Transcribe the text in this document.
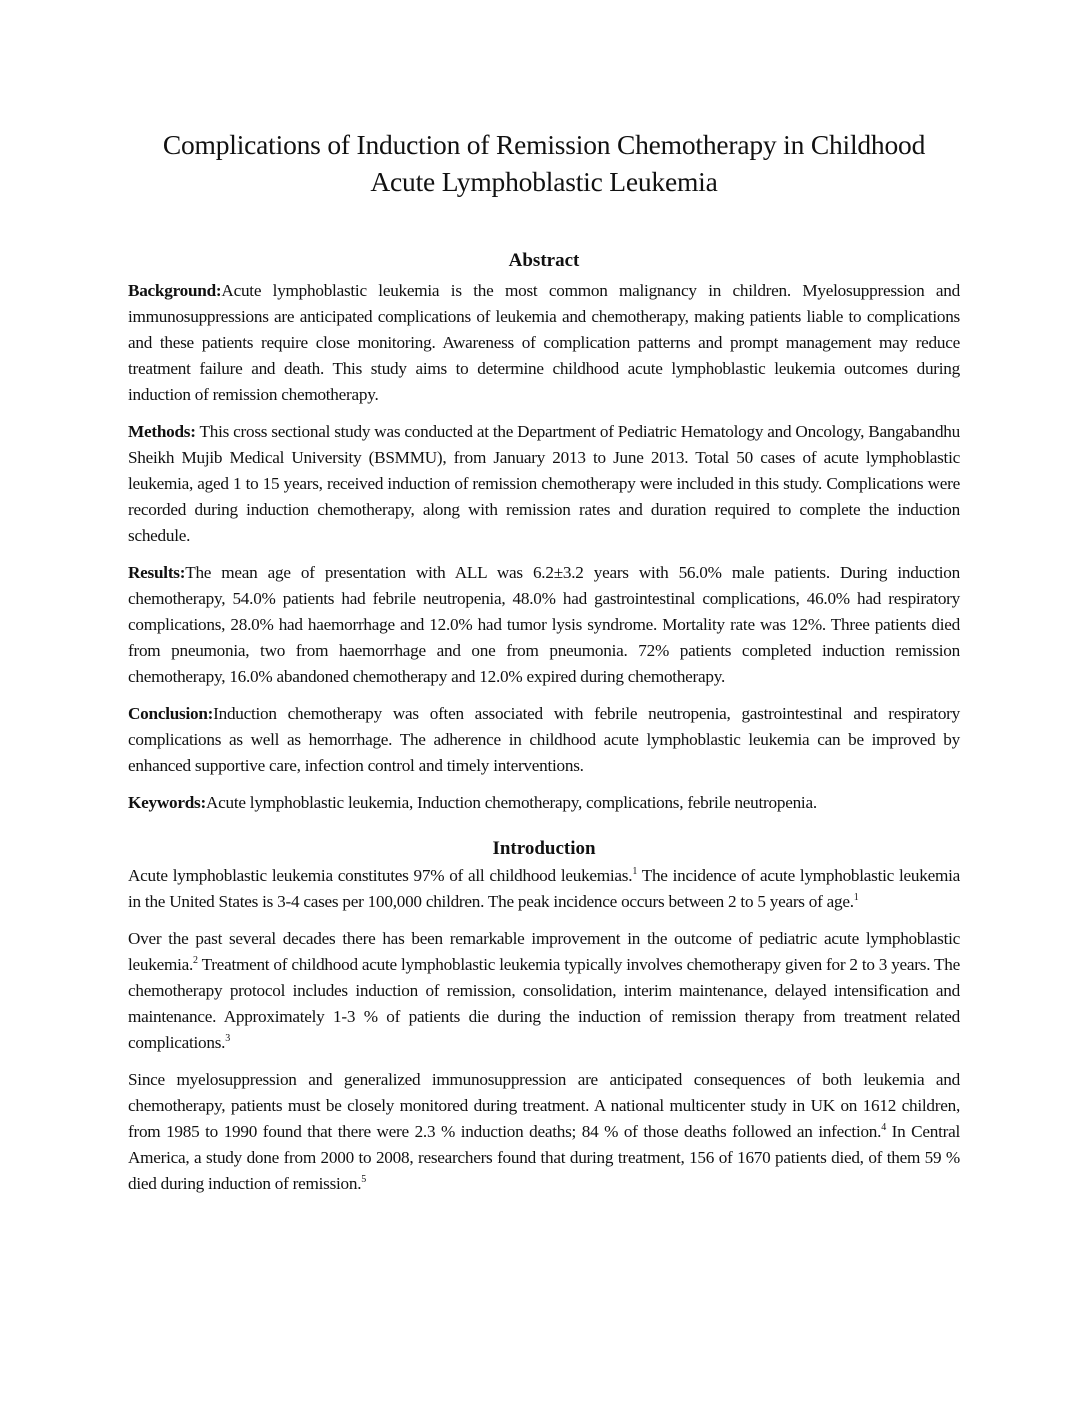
Complications of Induction of Remission Chemotherapy in Childhood
Acute Lymphoblastic Leukemia
Abstract

Background:Acute lymphoblastic leukemia is the most common malignancy in children. Myelosuppression and immunosuppressions are anticipated complications of leukemia and chemotherapy, making patients liable to complications and these patients require close monitoring. Awareness of complication patterns and prompt management may reduce treatment failure and death. This study aims to determine childhood acute lymphoblastic leukemia outcomes during induction of remission chemotherapy.

Methods: This cross sectional study was conducted at the Department of Pediatric Hematology and Oncology, Bangabandhu Sheikh Mujib Medical University (BSMMU), from January 2013 to June 2013. Total 50 cases of acute lymphoblastic leukemia, aged 1 to 15 years, received induction of remission chemotherapy were included in this study. Complications were recorded during induction chemotherapy, along with remission rates and duration required to complete the induction schedule.

Results:The mean age of presentation with ALL was 6.2±3.2 years with 56.0% male patients. During induction chemotherapy, 54.0% patients had febrile neutropenia, 48.0% had gastrointestinal complications, 46.0% had respiratory complications, 28.0% had haemorrhage and 12.0% had tumor lysis syndrome. Mortality rate was 12%. Three patients died from pneumonia, two from haemorrhage and one from pneumonia. 72% patients completed induction remission chemotherapy, 16.0% abandoned chemotherapy and 12.0% expired during chemotherapy.

Conclusion:Induction chemotherapy was often associated with febrile neutropenia, gastrointestinal and respiratory complications as well as hemorrhage. The adherence in childhood acute lymphoblastic leukemia can be improved by enhanced supportive care, infection control and timely interventions.

Keywords:Acute lymphoblastic leukemia, Induction chemotherapy, complications, febrile neutropenia.

Introduction

Acute lymphoblastic leukemia constitutes 97% of all childhood leukemias.$^1$ The incidence of acute lymphoblastic leukemia in the United States is 3-4 cases per 100,000 children. The peak incidence occurs between 2 to 5 years of age.$^1$

Over the past several decades there has been remarkable improvement in the outcome of pediatric acute lymphoblastic leukemia.$^2$ Treatment of childhood acute lymphoblastic leukemia typically involves chemotherapy given for 2 to 3 years. The chemotherapy protocol includes induction of remission, consolidation, interim maintenance, delayed intensification and maintenance. Approximately 1-3 % of patients die during the induction of remission therapy from treatment related complications.$^3$

Since myelosuppression and generalized immunosuppression are anticipated consequences of both leukemia and chemotherapy, patients must be closely monitored during treatment. A national multicenter study in UK on 1612 children, from 1985 to 1990 found that there were 2.3 % induction deaths; 84 % of those deaths followed an infection.$^4$ In Central America, a study done from 2000 to 2008, researchers found that during treatment, 156 of 1670 patients died, of them 59 % died during induction of remission.$^5$
